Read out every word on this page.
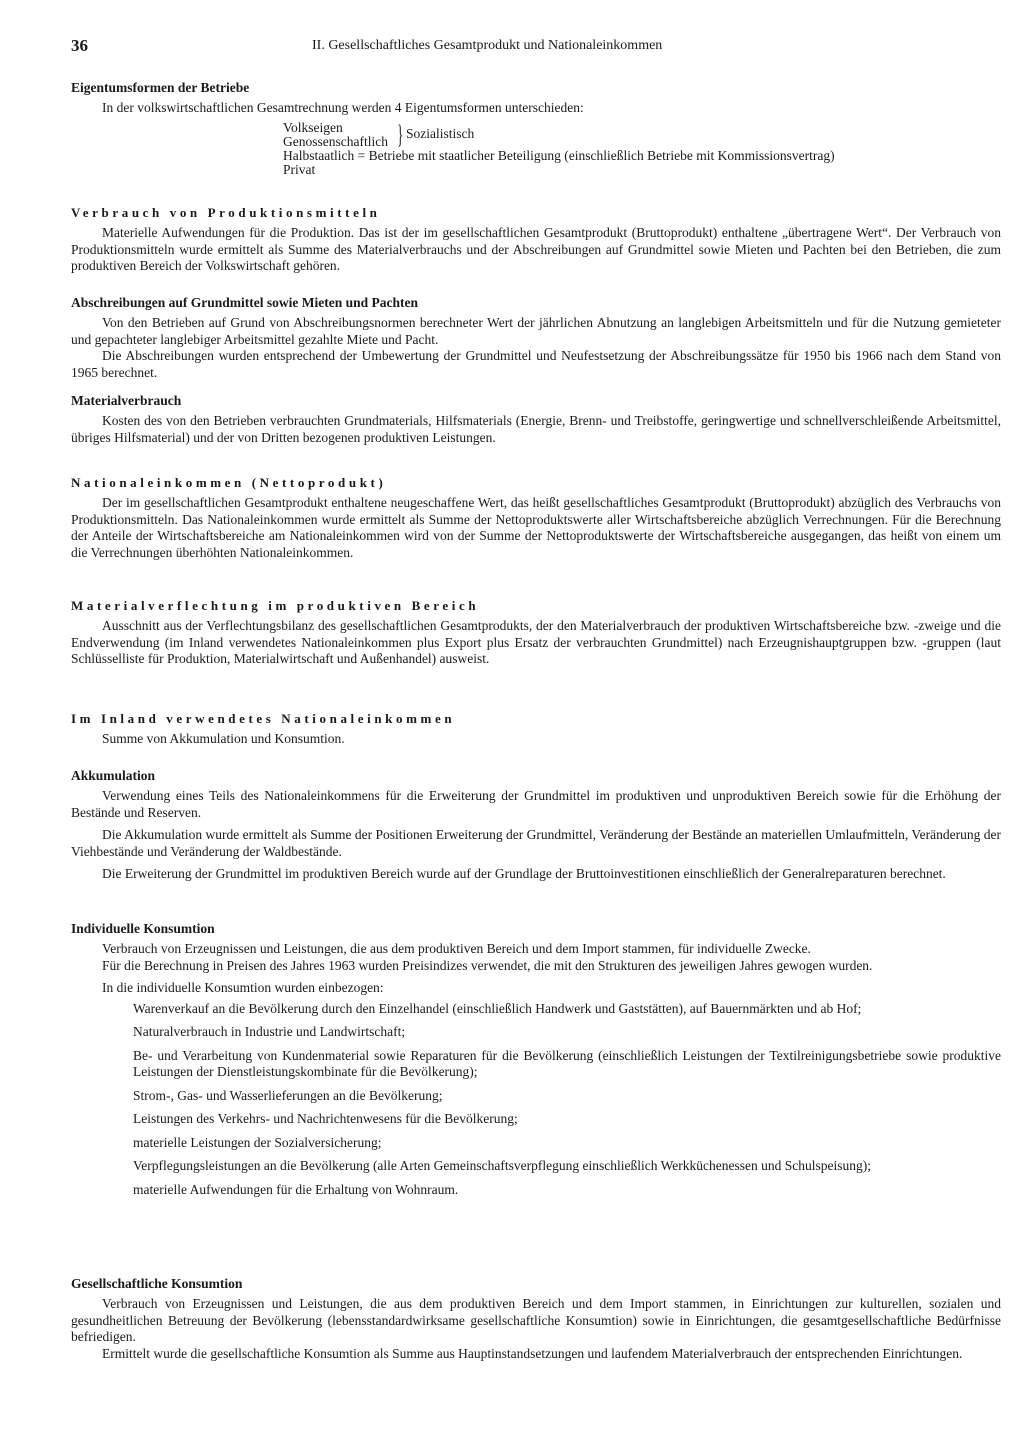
36	II. Gesellschaftliches Gesamtprodukt und Nationaleinkommen
Eigentumsformen der Betriebe

In der volkswirtschaftlichen Gesamtrechnung werden 4 Eigentumsformen unterschieden:

Volkseigen
Genossenschaftlich } Sozialistisch
Halbstaatlich = Betriebe mit staatlicher Beteiligung (einschließlich Betriebe mit Kommissionsvertrag)
Privat
Verbrauch von Produktionsmitteln

Materielle Aufwendungen für die Produktion. Das ist der im gesellschaftlichen Gesamtprodukt (Bruttoprodukt) enthaltene „übertragene Wert“. Der Verbrauch von Produktionsmitteln wurde ermittelt als Summe des Materialverbrauchs und der Abschreibungen auf Grundmittel sowie Mieten und Pachten bei den Betrieben, die zum produktiven Bereich der Volkswirtschaft gehören.

Abschreibungen auf Grundmittel sowie Mieten und Pachten

Von den Betrieben auf Grund von Abschreibungsnormen berechneter Wert der jährlichen Abnutzung an langlebigen Arbeitsmitteln und für die Nutzung gemieteter und gepachteter langlebiger Arbeitsmittel gezahlte Miete und Pacht.

Die Abschreibungen wurden entsprechend der Umbewertung der Grundmittel und Neufestsetzung der Abschreibungssätze für 1950 bis 1966 nach dem Stand von 1965 berechnet.

Materialverbrauch

Kosten des von den Betrieben verbrauchten Grundmaterials, Hilfsmaterials (Energie, Brenn- und Treibstoffe, geringwertige und schnellverschleißende Arbeitsmittel, übriges Hilfsmaterial) und der von Dritten bezogenen produktiven Leistungen.

Nationaleinkommen (Nettoprodukt)

Der im gesellschaftlichen Gesamtprodukt enthaltene neugeschaffene Wert, das heißt gesellschaftliches Gesamtprodukt (Bruttoprodukt) abzüglich des Verbrauchs von Produktionsmitteln. Das Nationaleinkommen wurde ermittelt als Summe der Nettoproduktswerte aller Wirtschaftsbereiche abzüglich Verrechnungen. Für die Berechnung der Anteile der Wirtschaftsbereiche am Nationaleinkommen wird von der Summe der Nettoproduktswerte der Wirtschaftsbereiche ausgegangen, das heißt von einem um die Verrechnungen überhöhten Nationaleinkommen.

Materialverflechtung im produktiven Bereich

Ausschnitt aus der Verflechtungsbilanz des gesellschaftlichen Gesamtprodukts, der den Materialverbrauch der produktiven Wirtschaftsbereiche bzw. -zweige und die Endverwendung (im Inland verwendetes Nationaleinkommen plus Export plus Ersatz der verbrauchten Grundmittel) nach Erzeugnishauptgruppen bzw. -gruppen (laut Schlüsselliste für Produktion, Materialwirtschaft und Außenhandel) ausweist.

Im Inland verwendetes Nationaleinkommen

Summe von Akkumulation und Konsumtion.

Akkumulation

Verwendung eines Teils des Nationaleinkommens für die Erweiterung der Grundmittel im produktiven und unproduktiven Bereich sowie für die Erhöhung der Bestände und Reserven.

Die Akkumulation wurde ermittelt als Summe der Positionen Erweiterung der Grundmittel, Veränderung der Bestände an materiellen Umlaufmitteln, Veränderung der Viehbestände und Veränderung der Waldbestände.

Die Erweiterung der Grundmittel im produktiven Bereich wurde auf der Grundlage der Bruttoinvestitionen einschließlich der Generalreparaturen berechnet.

Individuelle Konsumtion

Verbrauch von Erzeugnissen und Leistungen, die aus dem produktiven Bereich und dem Import stammen, für individuelle Zwecke.

Für die Berechnung in Preisen des Jahres 1963 wurden Preisindizes verwendet, die mit den Strukturen des jeweiligen Jahres gewogen wurden.

In die individuelle Konsumtion wurden einbezogen:

Warenverkauf an die Bevölkerung durch den Einzelhandel (einschließlich Handwerk und Gaststätten), auf Bauernmärkten und ab Hof;
Naturalverbrauch in Industrie und Landwirtschaft;
Be- und Verarbeitung von Kundenmaterial sowie Reparaturen für die Bevölkerung (einschließlich Leistungen der Textilreinigungsbetriebe sowie produktive Leistungen der Dienstleistungskombinate für die Bevölkerung);
Strom-, Gas- und Wasserlieferungen an die Bevölkerung;
Leistungen des Verkehrs- und Nachrichtenwesens für die Bevölkerung;
materielle Leistungen der Sozialversicherung;
Verpflegungsleistungen an die Bevölkerung (alle Arten Gemeinschaftsverpflegung einschließlich Werkküchenessen und Schulspeisung);
materielle Aufwendungen für die Erhaltung von Wohnraum.
Gesellschaftliche Konsumtion

Verbrauch von Erzeugnissen und Leistungen, die aus dem produktiven Bereich und dem Import stammen, in Einrichtungen zur kulturellen, sozialen und gesundheitlichen Betreuung der Bevölkerung (lebensstandardwirksame gesellschaftliche Konsumtion) sowie in Einrichtungen, die gesamtgesellschaftliche Bedürfnisse befriedigen.

Ermittelt wurde die gesellschaftliche Konsumtion als Summe aus Hauptinstandsetzungen und laufendem Materialverbrauch der entsprechenden Einrichtungen.
